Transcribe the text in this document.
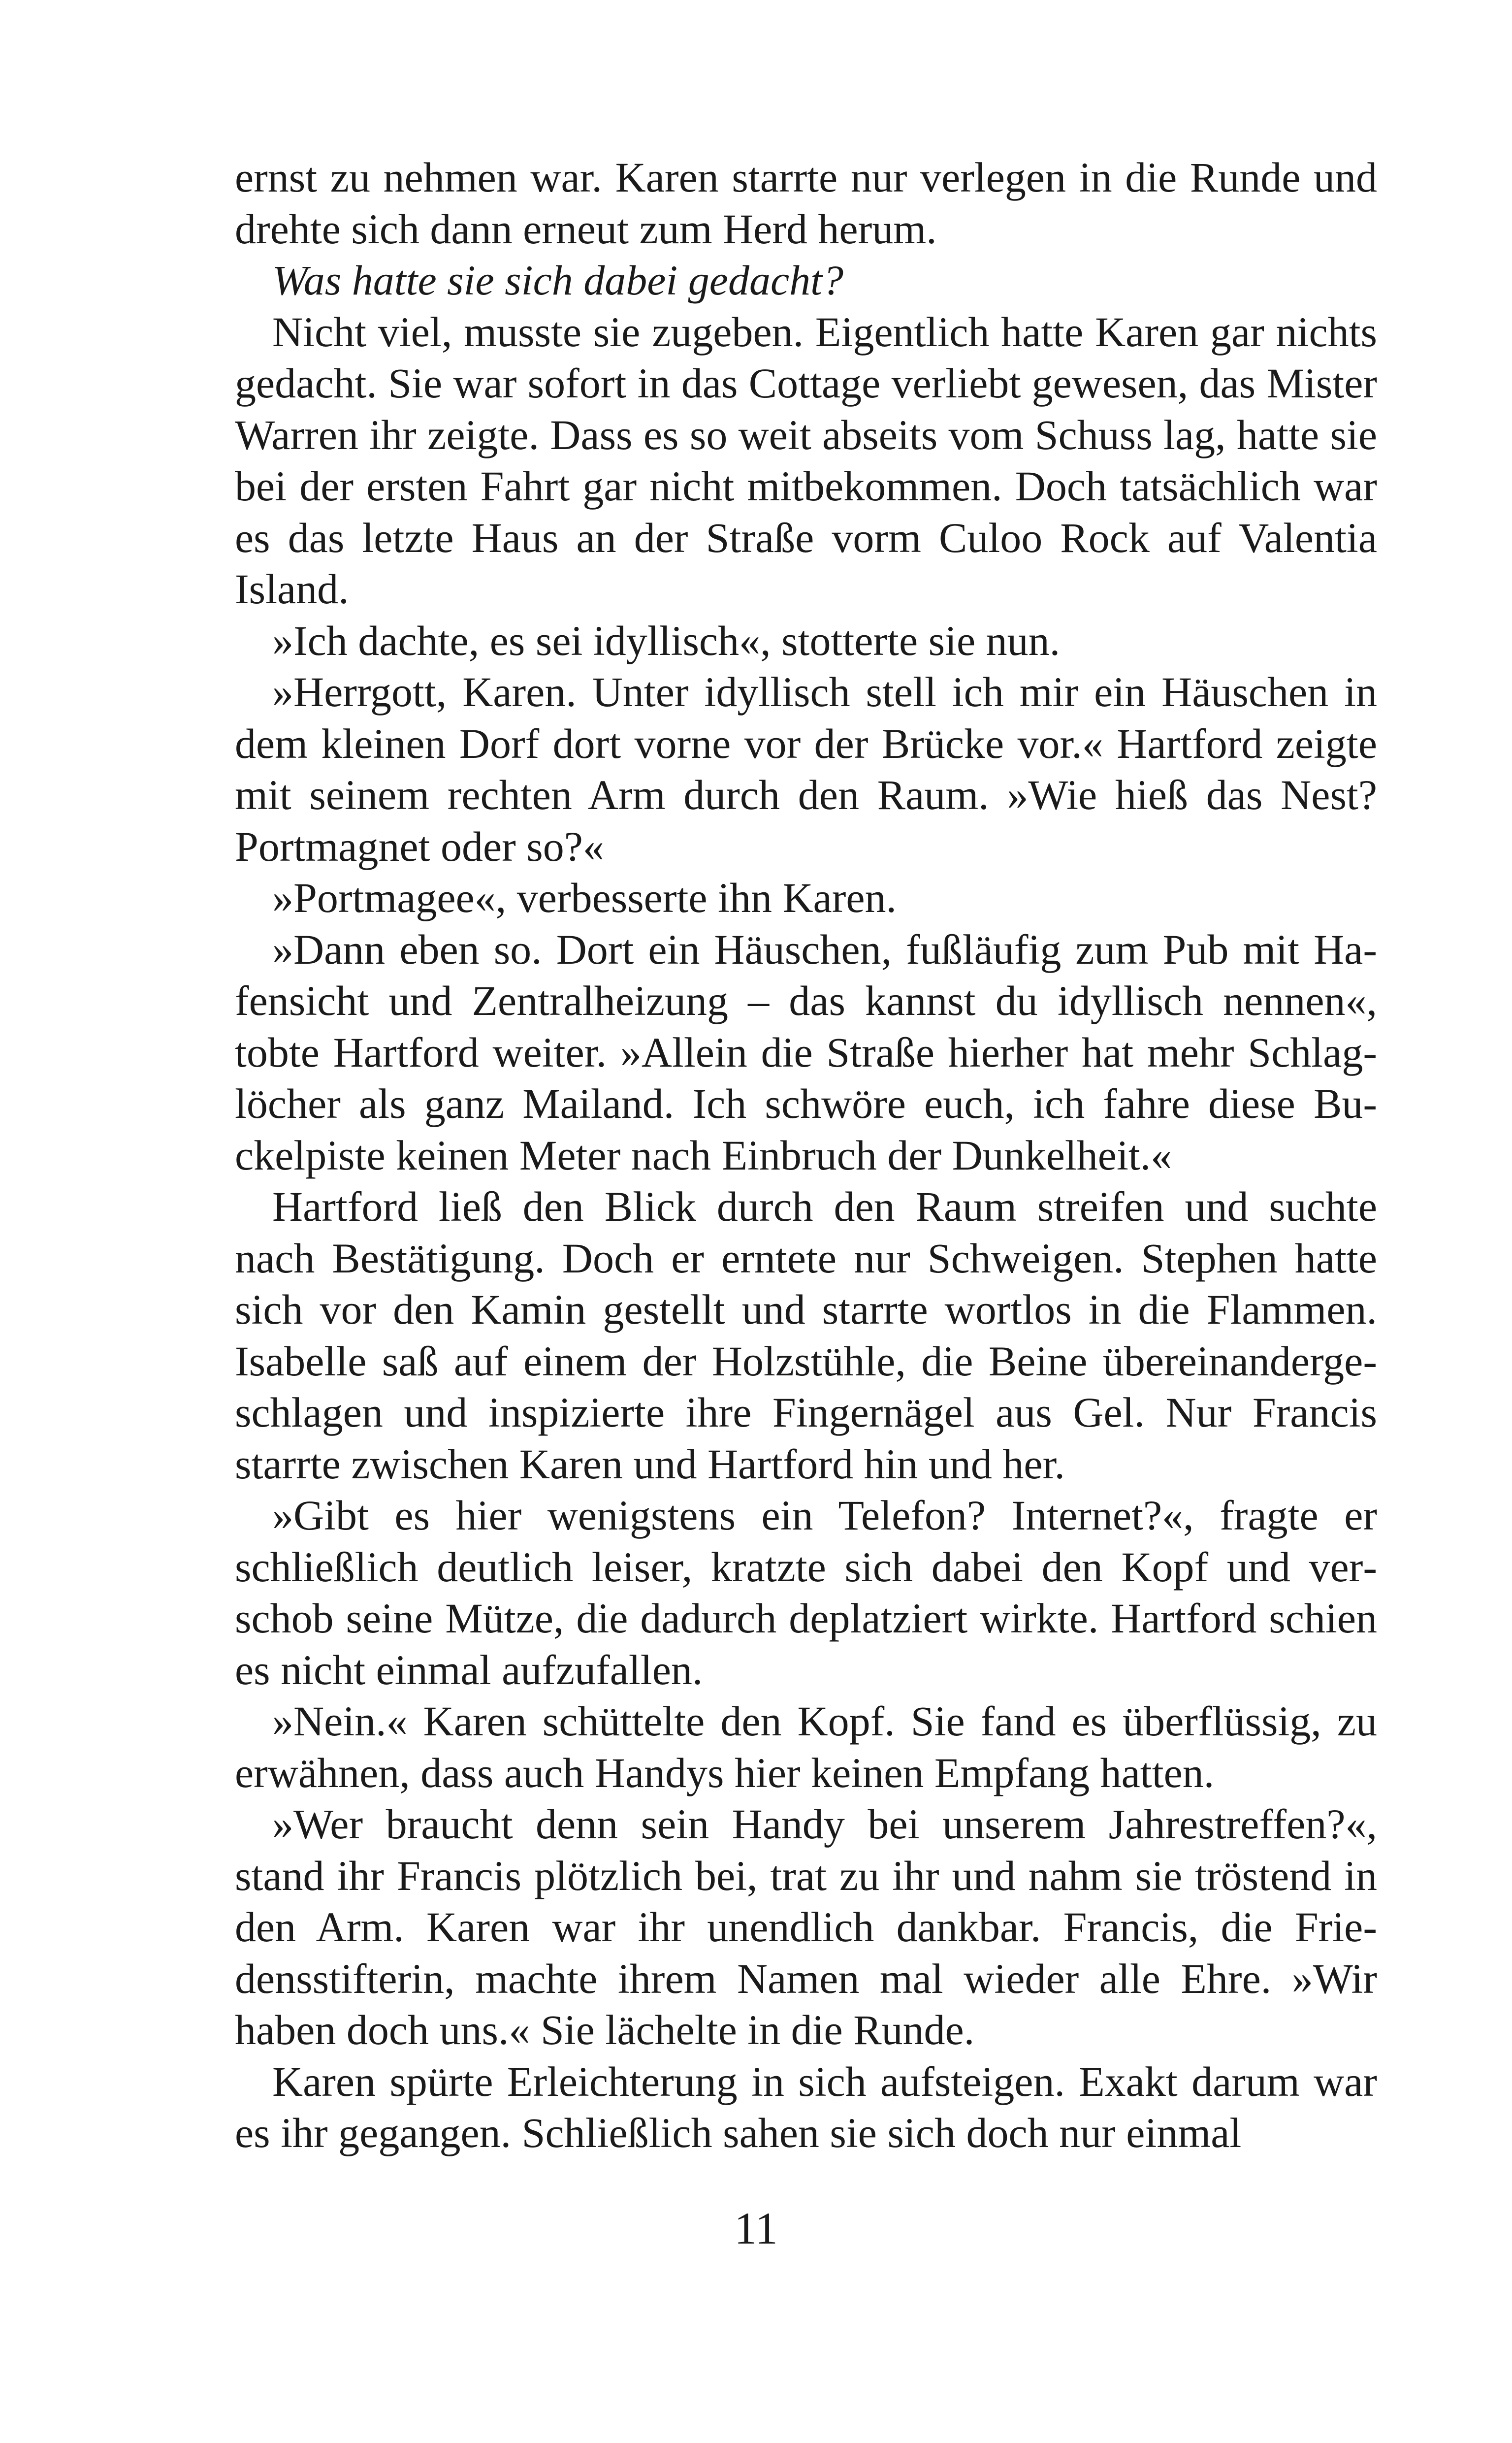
ernst zu nehmen war. Karen starrte nur verlegen in die Runde und drehte sich dann erneut zum Herd herum.

Was hatte sie sich dabei gedacht?

Nicht viel, musste sie zugeben. Eigentlich hatte Karen gar nichts gedacht. Sie war sofort in das Cottage verliebt gewesen, das Mister Warren ihr zeigte. Dass es so weit abseits vom Schuss lag, hatte sie bei der ersten Fahrt gar nicht mitbekommen. Doch tatsächlich war es das letzte Haus an der Straße vorm Culoo Rock auf Valentia Island.

»Ich dachte, es sei idyllisch«, stotterte sie nun.

»Herrgott, Karen. Unter idyllisch stell ich mir ein Häuschen in dem kleinen Dorf dort vorne vor der Brücke vor.« Hartford zeigte mit seinem rechten Arm durch den Raum. »Wie hieß das Nest? Portmagnet oder so?«

»Portmagee«, verbesserte ihn Karen.

»Dann eben so. Dort ein Häuschen, fußläufig zum Pub mit Hafensicht und Zentralheizung – das kannst du idyllisch nennen«, tobte Hartford weiter. »Allein die Straße hierher hat mehr Schlaglöcher als ganz Mailand. Ich schwöre euch, ich fahre diese Buckelpiste keinen Meter nach Einbruch der Dunkelheit.«

Hartford ließ den Blick durch den Raum streifen und suchte nach Bestätigung. Doch er erntete nur Schweigen. Stephen hatte sich vor den Kamin gestellt und starrte wortlos in die Flammen. Isabelle saß auf einem der Holzstühle, die Beine übereinandergeschlagen und inspizierte ihre Fingernägel aus Gel. Nur Francis starrte zwischen Karen und Hartford hin und her.

»Gibt es hier wenigstens ein Telefon? Internet?«, fragte er schließlich deutlich leiser, kratzte sich dabei den Kopf und verschob seine Mütze, die dadurch deplatziert wirkte. Hartford schien es nicht einmal aufzufallen.

»Nein.« Karen schüttelte den Kopf. Sie fand es überflüssig, zu erwähnen, dass auch Handys hier keinen Empfang hatten.

»Wer braucht denn sein Handy bei unserem Jahrestreffen?«, stand ihr Francis plötzlich bei, trat zu ihr und nahm sie tröstend in den Arm. Karen war ihr unendlich dankbar. Francis, die Friedensstifterin, machte ihrem Namen mal wieder alle Ehre. »Wir haben doch uns.« Sie lächelte in die Runde.

Karen spürte Erleichterung in sich aufsteigen. Exakt darum war es ihr gegangen. Schließlich sahen sie sich doch nur einmal

11
